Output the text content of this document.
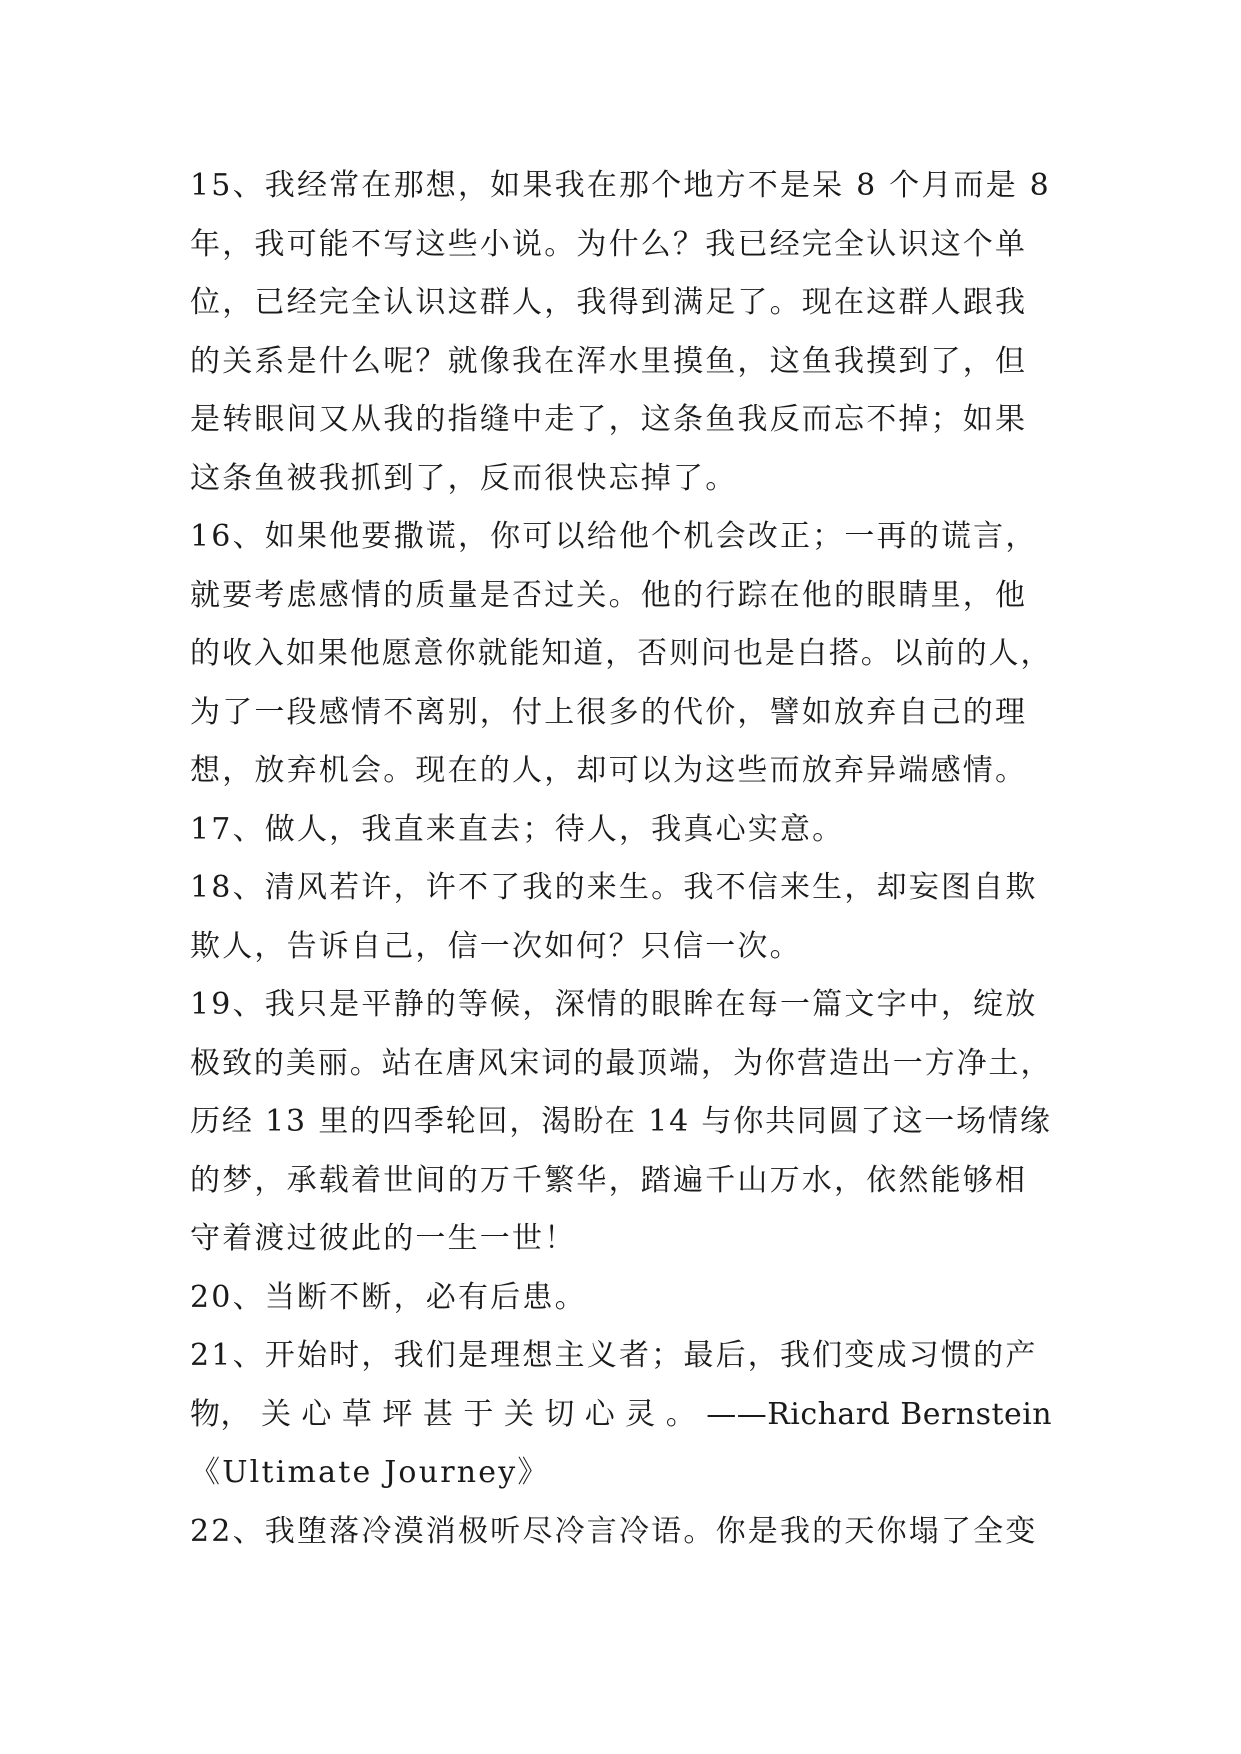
15、我经常在那想，如果我在那个地方不是呆 8 个月而是 8
年，我可能不写这些小说。为什么？我已经完全认识这个单
位，已经完全认识这群人，我得到满足了。现在这群人跟我
的关系是什么呢？就像我在浑水里摸鱼，这鱼我摸到了，但
是转眼间又从我的指缝中走了，这条鱼我反而忘不掉；如果
这条鱼被我抓到了，反而很快忘掉了。
16、如果他要撒谎，你可以给他个机会改正；一再的谎言，
就要考虑感情的质量是否过关。他的行踪在他的眼睛里，他
的收入如果他愿意你就能知道，否则问也是白搭。以前的人，
为了一段感情不离别，付上很多的代价，譬如放弃自己的理
想，放弃机会。现在的人，却可以为这些而放弃异端感情。
17、做人，我直来直去；待人，我真心实意。
18、清风若许，许不了我的来生。我不信来生，却妄图自欺
欺人，告诉自己，信一次如何？只信一次。
19、我只是平静的等候，深情的眼眸在每一篇文字中，绽放
极致的美丽。站在唐风宋词的最顶端，为你营造出一方净土，
历经 13 里的四季轮回，渴盼在 14 与你共同圆了这一场情缘
的梦，承载着世间的万千繁华，踏遍千山万水，依然能够相
守着渡过彼此的一生一世！
20、当断不断，必有后患。
21、开始时，我们是理想主义者；最后，我们变成习惯的产
物， 关 心 草 坪 甚 于 关 切 心 灵 。 ——Richard Bernstein
《Ultimate Journey》
22、我堕落冷漠消极听尽冷言冷语。你是我的天你塌了全变
